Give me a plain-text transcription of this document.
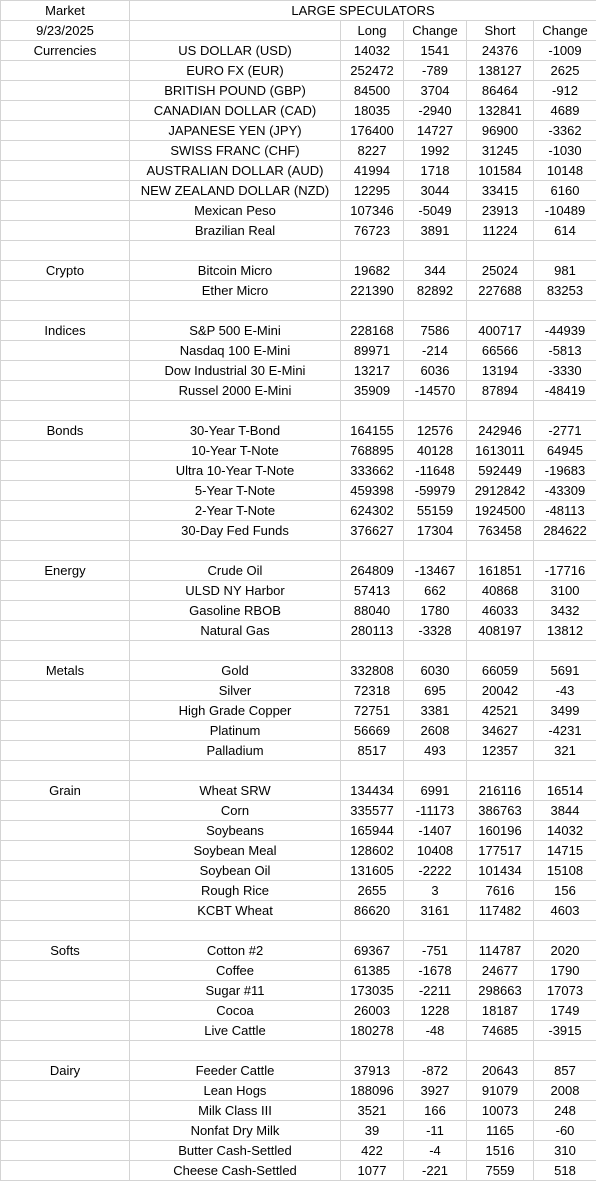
Market	LARGE SPECULATORS				
9/23/2025		Long	Change	Short	Change
Currencies	US DOLLAR (USD)	14032	1541	24376	-1009
	EURO FX (EUR)	252472	-789	138127	2625
	BRITISH POUND (GBP)	84500	3704	86464	-912
	CANADIAN DOLLAR (CAD)	18035	-2940	132841	4689
	JAPANESE YEN (JPY)	176400	14727	96900	-3362
	SWISS FRANC (CHF)	8227	1992	31245	-1030
	AUSTRALIAN DOLLAR (AUD)	41994	1718	101584	10148
	NEW ZEALAND DOLLAR (NZD)	12295	3044	33415	6160
	Mexican Peso	107346	-5049	23913	-10489
	Brazilian Real	76723	3891	11224	614

Crypto	Bitcoin Micro	19682	344	25024	981
	Ether Micro	221390	82892	227688	83253

Indices	S&P 500 E-Mini	228168	7586	400717	-44939
	Nasdaq 100 E-Mini	89971	-214	66566	-5813
	Dow Industrial 30 E-Mini	13217	6036	13194	-3330
	Russel 2000 E-Mini	35909	-14570	87894	-48419

Bonds	30-Year T-Bond	164155	12576	242946	-2771
	10-Year T-Note	768895	40128	1613011	64945
	Ultra 10-Year T-Note	333662	-11648	592449	-19683
	5-Year T-Note	459398	-59979	2912842	-43309
	2-Year T-Note	624302	55159	1924500	-48113
	30-Day Fed Funds	376627	17304	763458	284622

Energy	Crude Oil	264809	-13467	161851	-17716
	ULSD NY Harbor	57413	662	40868	3100
	Gasoline RBOB	88040	1780	46033	3432
	Natural Gas	280113	-3328	408197	13812

Metals	Gold	332808	6030	66059	5691
	Silver	72318	695	20042	-43
	High Grade Copper	72751	3381	42521	3499
	Platinum	56669	2608	34627	-4231
	Palladium	8517	493	12357	321

Grain	Wheat SRW	134434	6991	216116	16514
	Corn	335577	-11173	386763	3844
	Soybeans	165944	-1407	160196	14032
	Soybean Meal	128602	10408	177517	14715
	Soybean Oil	131605	-2222	101434	15108
	Rough Rice	2655	3	7616	156
	KCBT Wheat	86620	3161	117482	4603

Softs	Cotton #2	69367	-751	114787	2020
	Coffee	61385	-1678	24677	1790
	Sugar #11	173035	-2211	298663	17073
	Cocoa	26003	1228	18187	1749
	Live Cattle	180278	-48	74685	-3915

Dairy	Feeder Cattle	37913	-872	20643	857
	Lean Hogs	188096	3927	91079	2008
	Milk Class III	3521	166	10073	248
	Nonfat Dry Milk	39	-11	1165	-60
	Butter Cash-Settled	422	-4	1516	310
	Cheese Cash-Settled	1077	-221	7559	518
